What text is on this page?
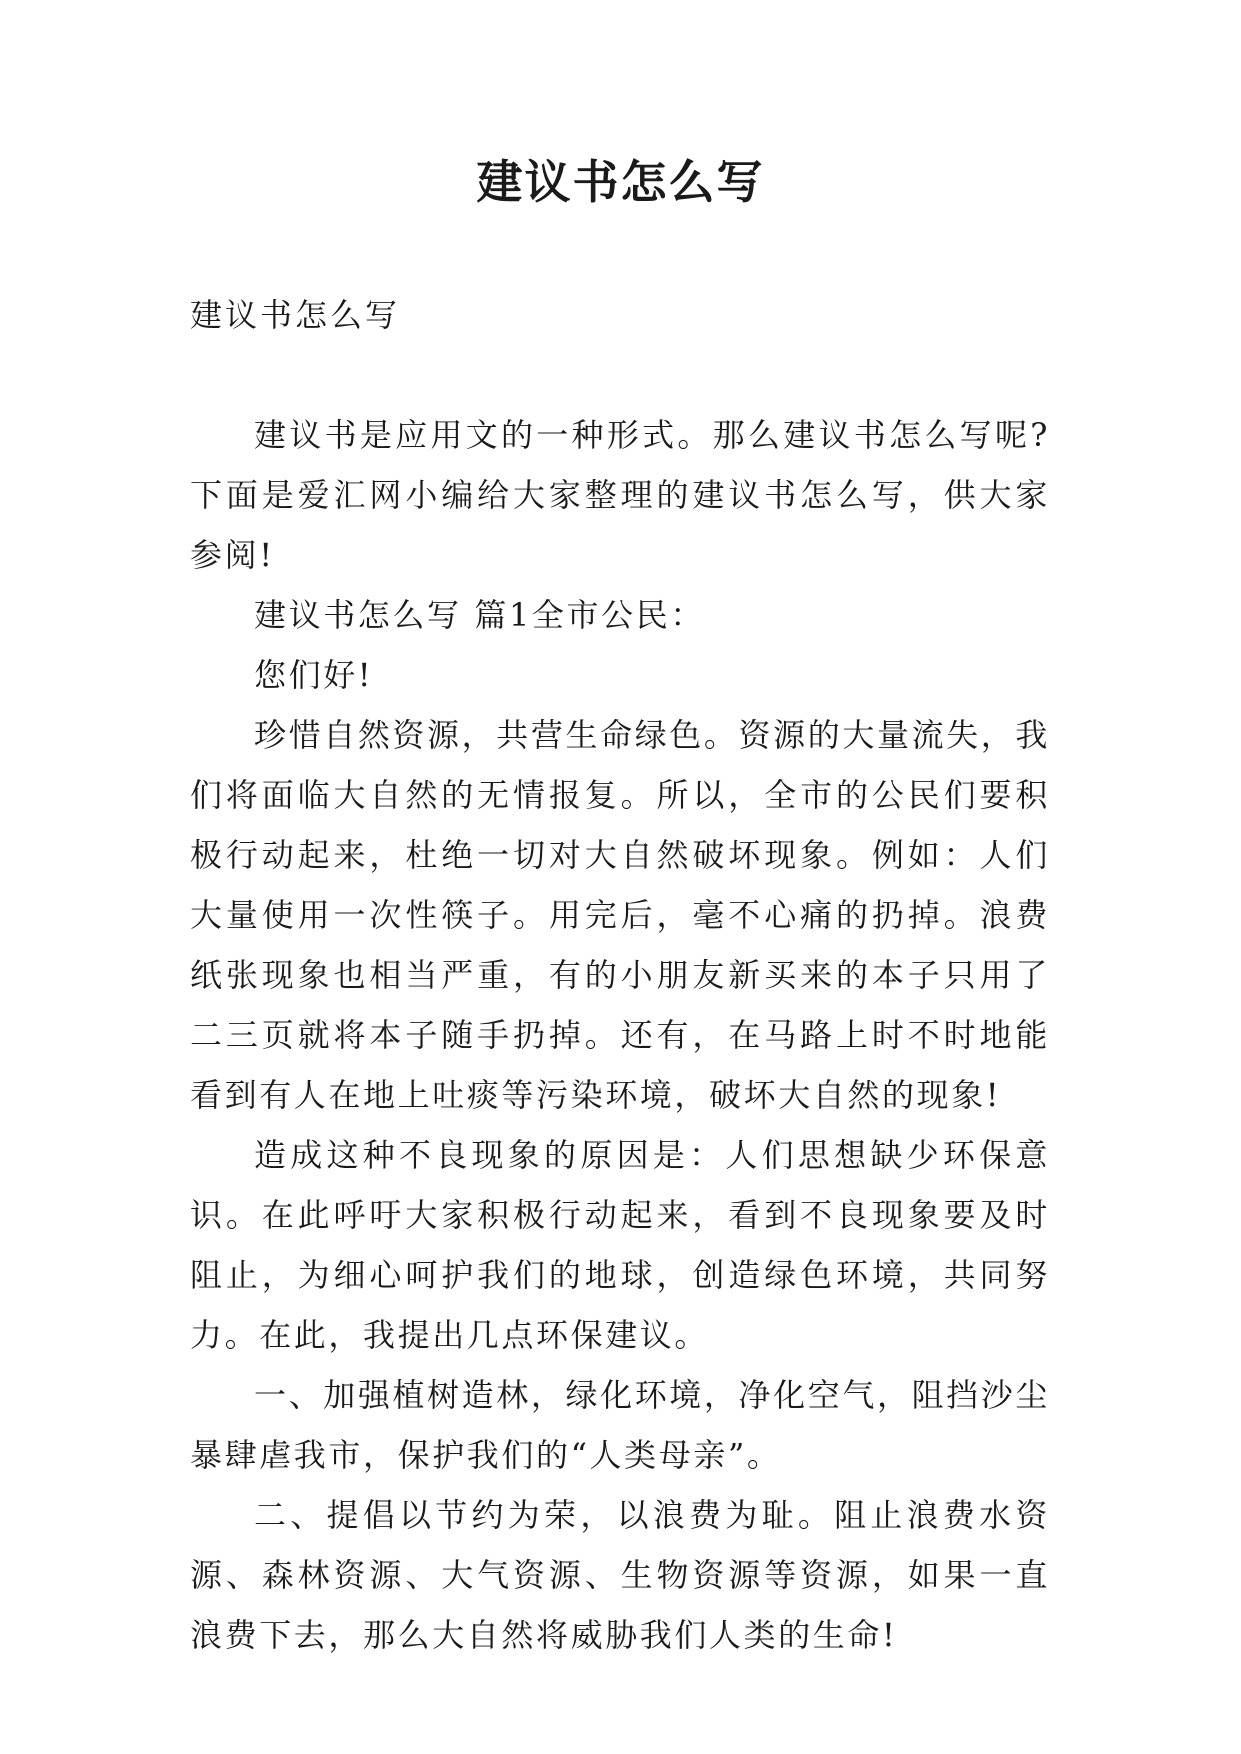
建议书怎么写
建议书怎么写

建议书是应用文的一种形式。那么建议书怎么写呢?下面是爱汇网小编给大家整理的建议书怎么写，供大家参阅!

建议书怎么写 篇1全市公民：

您们好!

珍惜自然资源，共营生命绿色。资源的大量流失，我们将面临大自然的无情报复。所以，全市的公民们要积极行动起来，杜绝一切对大自然破坏现象。例如：人们大量使用一次性筷子。用完后，毫不心痛的扔掉。浪费纸张现象也相当严重，有的小朋友新买来的本子只用了二三页就将本子随手扔掉。还有，在马路上时不时地能看到有人在地上吐痰等污染环境，破坏大自然的现象!

造成这种不良现象的原因是：人们思想缺少环保意识。在此呼吁大家积极行动起来，看到不良现象要及时阻止，为细心呵护我们的地球，创造绿色环境，共同努力。在此，我提出几点环保建议。

一、加强植树造林，绿化环境，净化空气，阻挡沙尘暴肆虐我市，保护我们的“人类母亲”。

二、提倡以节约为荣，以浪费为耻。阻止浪费水资源、森林资源、大气资源、生物资源等资源，如果一直浪费下去，那么大自然将威胁我们人类的生命!
